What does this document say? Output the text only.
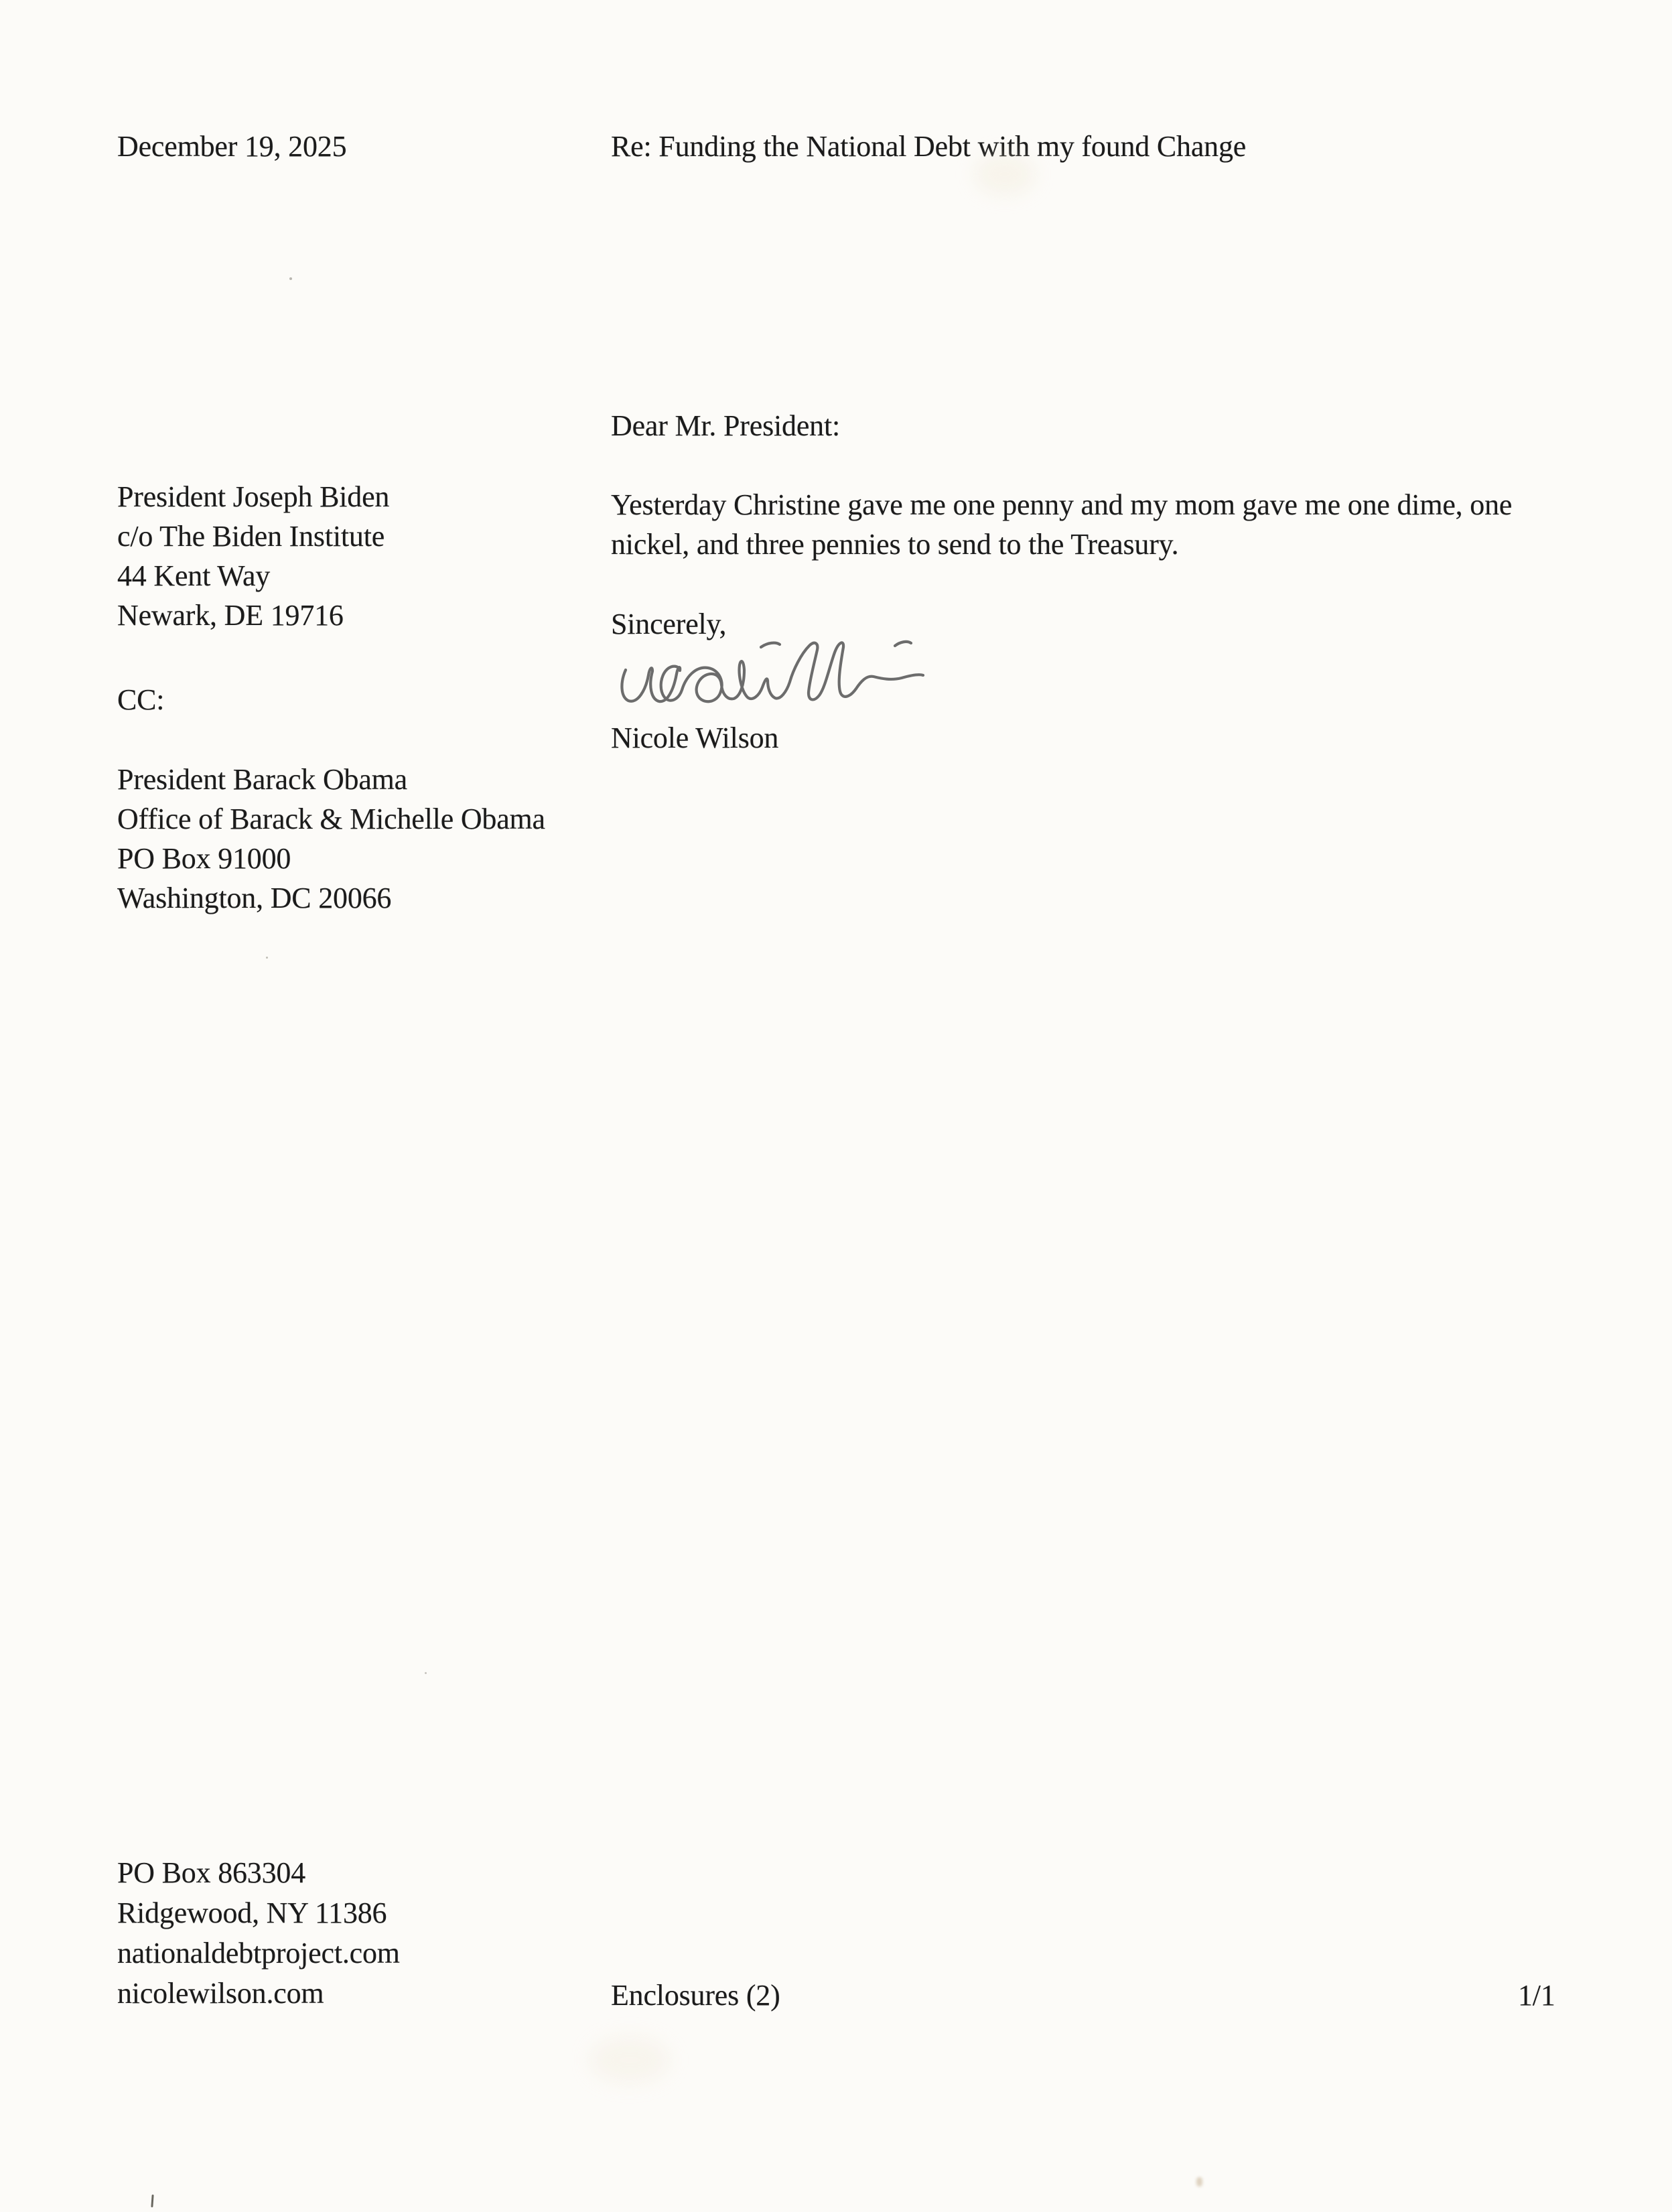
December 19, 2025	Re: Funding the National Debt with my found Change
Dear Mr. President:
President Joseph Biden
c/o The Biden Institute
44 Kent Way
Newark, DE 19716
CC:
President Barack Obama
Office of Barack & Michelle Obama
PO Box 91000
Washington, DC 20066
Yesterday Christine gave me one penny and my mom gave me one dime, one
nickel, and three pennies to send to the Treasury.
Sincerely,
Nicole Wilson
PO Box 863304
Ridgewood, NY 11386
nationaldebtproject.com
nicolewilson.com	Enclosures (2)	1/1
